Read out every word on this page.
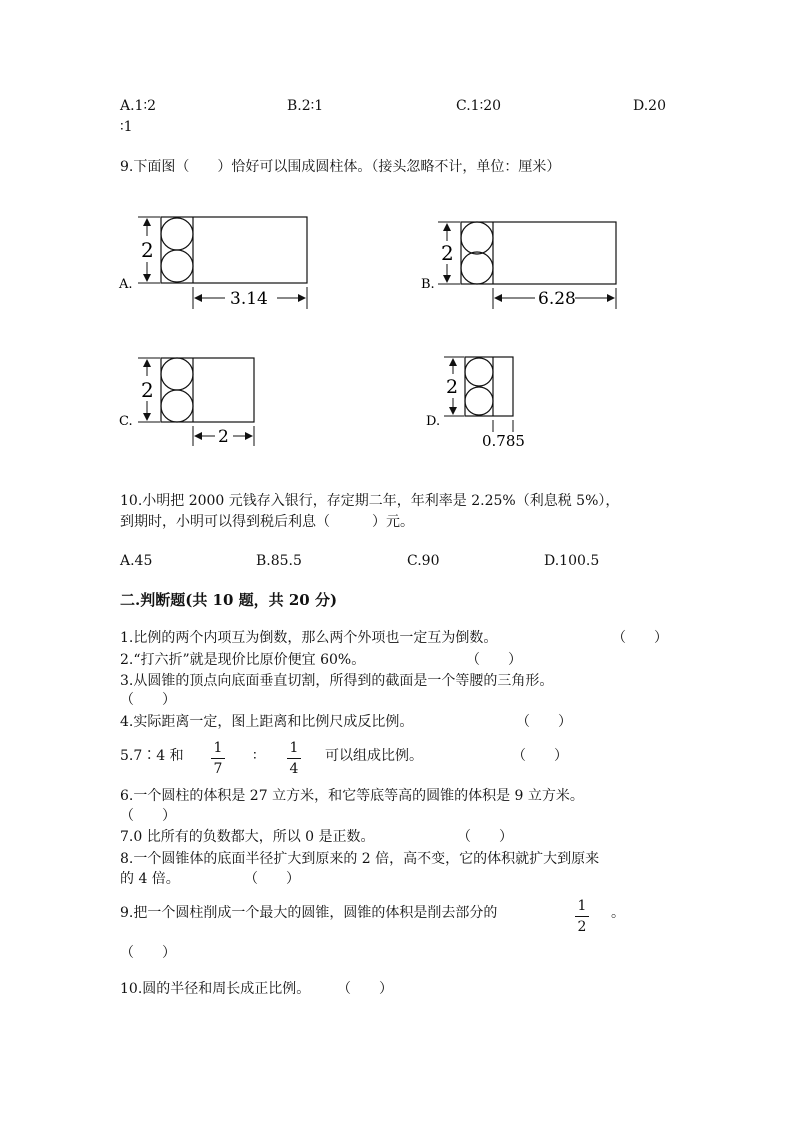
A.1∶2	B.2∶1	C.1∶20	D.20
∶1
9.下面图（　　）恰好可以围成圆柱体。（接头忽略不计，单位：厘米）
2
3.14
A.
2
6.28
B.
2
2
C.
2
0.785
D.
10.小明把 2000 元钱存入银行，存定期二年，年利率是 2.25%（利息税 5%），
到期时，小明可以得到税后利息（　　　）元。
A.45	B.85.5	C.90	D.100.5
二.判断题(共 10 题，共 20 分)
1.比例的两个内项互为倒数，那么两个外项也一定互为倒数。	（　　）
2.“打六折”就是现价比原价便宜 60%。	（　　）
3.从圆锥的顶点向底面垂直切割，所得到的截面是一个等腰的三角形。
（　　）
4.实际距离一定，图上距离和比例尺成反比例。	（　　）
5.7∶4 和 1
7
∶ 1
4
可以组成比例。	（　　）
6.一个圆柱的体积是 27 立方米，和它等底等高的圆锥的体积是 9 立方米。
（　　）
7.0 比所有的负数都大，所以 0 是正数。	（　　）
8.一个圆锥体的底面半径扩大到原来的 2 倍，高不变，它的体积就扩大到原来
的 4 倍。	（　　）
9.把一个圆柱削成一个最大的圆锥，圆锥的体积是削去部分的	1
2
。
（　　）
10.圆的半径和周长成正比例。 （　　）
